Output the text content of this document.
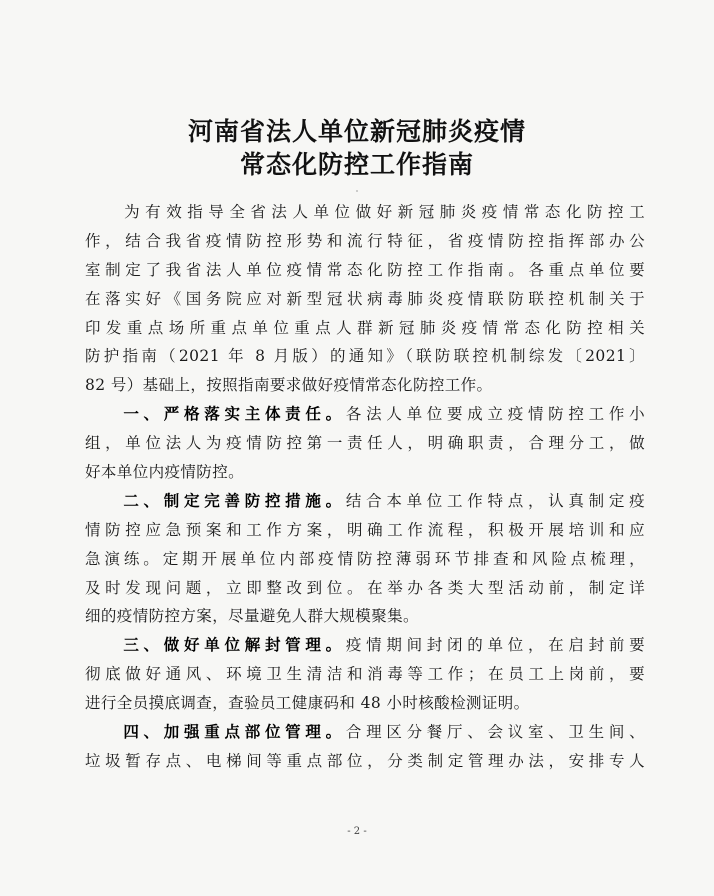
河南省法人单位新冠肺炎疫情
常态化防控工作指南
为有效指导全省法人单位做好新冠肺炎疫情常态化防控工
作，结合我省疫情防控形势和流行特征，省疫情防控指挥部办公
室制定了我省法人单位疫情常态化防控工作指南。各重点单位要
在落实好《国务院应对新型冠状病毒肺炎疫情联防联控机制关于
印发重点场所重点单位重点人群新冠肺炎疫情常态化防控相关
防护指南（2021 年 8 月版）的通知》（联防联控机制综发〔2021〕
82 号）基础上，按照指南要求做好疫情常态化防控工作。
一、严格落实主体责任。各法人单位要成立疫情防控工作小
组，单位法人为疫情防控第一责任人，明确职责，合理分工，做
好本单位内疫情防控。
二、制定完善防控措施。结合本单位工作特点，认真制定疫
情防控应急预案和工作方案，明确工作流程，积极开展培训和应
急演练。定期开展单位内部疫情防控薄弱环节排查和风险点梳理，
及时发现问题，立即整改到位。在举办各类大型活动前，制定详
细的疫情防控方案，尽量避免人群大规模聚集。
三、做好单位解封管理。疫情期间封闭的单位，在启封前要
彻底做好通风、环境卫生清洁和消毒等工作；在员工上岗前，要
进行全员摸底调查，查验员工健康码和 48 小时核酸检测证明。
四、加强重点部位管理。合理区分餐厅、会议室、卫生间、
垃圾暂存点、电梯间等重点部位，分类制定管理办法，安排专人
- 2 -
